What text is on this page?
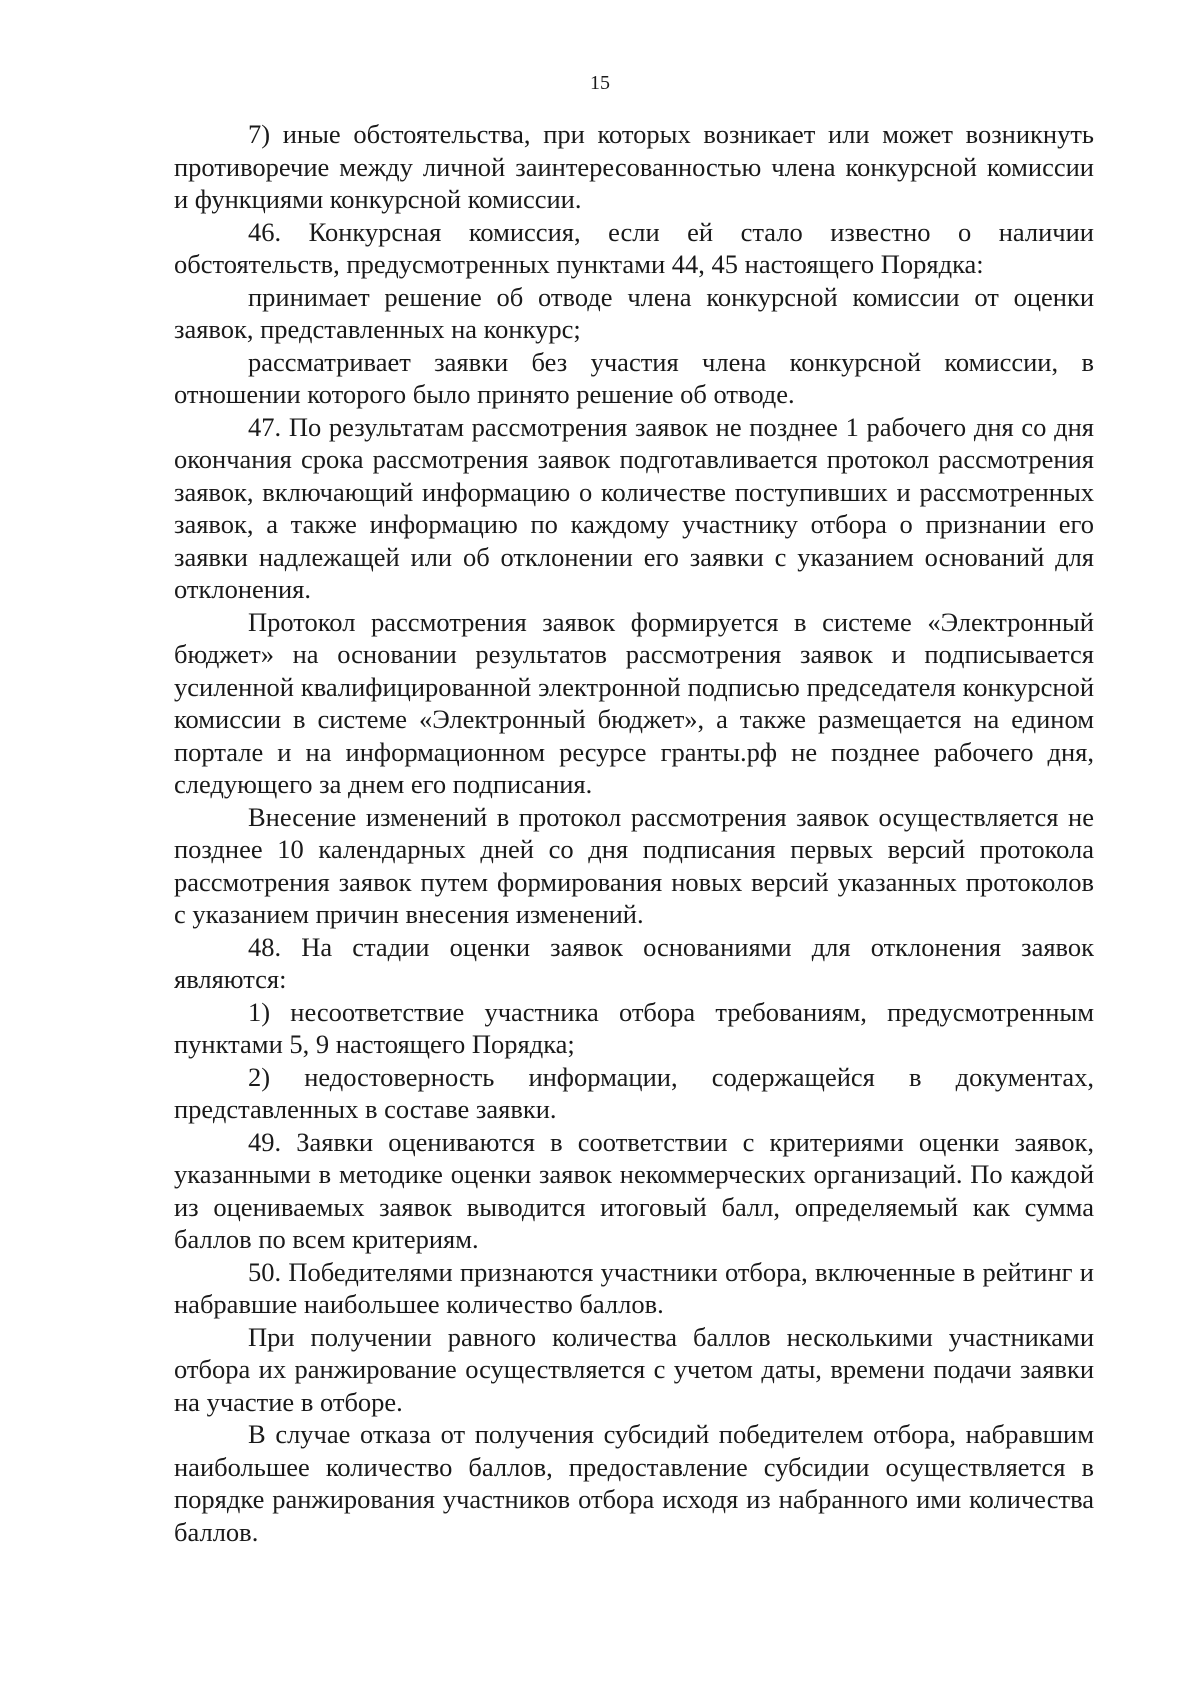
15

7) иные обстоятельства, при которых возникает или может возникнуть противоречие между личной заинтересованностью члена конкурсной комиссии и функциями конкурсной комиссии.

46. Конкурсная комиссия, если ей стало известно о наличии обстоятельств, предусмотренных пунктами 44, 45 настоящего Порядка:

принимает решение об отводе члена конкурсной комиссии от оценки заявок, представленных на конкурс;

рассматривает заявки без участия члена конкурсной комиссии, в отношении которого было принято решение об отводе.

47. По результатам рассмотрения заявок не позднее 1 рабочего дня со дня окончания срока рассмотрения заявок подготавливается протокол рассмотрения заявок, включающий информацию о количестве поступивших и рассмотренных заявок, а также информацию по каждому участнику отбора о признании его заявки надлежащей или об отклонении его заявки с указанием оснований для отклонения.

Протокол рассмотрения заявок формируется в системе «Электронный бюджет» на основании результатов рассмотрения заявок и подписывается усиленной квалифицированной электронной подписью председателя конкурсной комиссии в системе «Электронный бюджет», а также размещается на едином портале и на информационном ресурсе гранты.рф не позднее рабочего дня, следующего за днем его подписания.

Внесение изменений в протокол рассмотрения заявок осуществляется не позднее 10 календарных дней со дня подписания первых версий протокола рассмотрения заявок путем формирования новых версий указанных протоколов с указанием причин внесения изменений.

48. На стадии оценки заявок основаниями для отклонения заявок являются:

1) несоответствие участника отбора требованиям, предусмотренным пунктами 5, 9 настоящего Порядка;

2) недостоверность информации, содержащейся в документах, представленных в составе заявки.

49. Заявки оцениваются в соответствии с критериями оценки заявок, указанными в методике оценки заявок некоммерческих организаций. По каждой из оцениваемых заявок выводится итоговый балл, определяемый как сумма баллов по всем критериям.

50. Победителями признаются участники отбора, включенные в рейтинг и набравшие наибольшее количество баллов.

При получении равного количества баллов несколькими участниками отбора их ранжирование осуществляется с учетом даты, времени подачи заявки на участие в отборе.

В случае отказа от получения субсидий победителем отбора, набравшим наибольшее количество баллов, предоставление субсидии осуществляется в порядке ранжирования участников отбора исходя из набранного ими количества баллов.
